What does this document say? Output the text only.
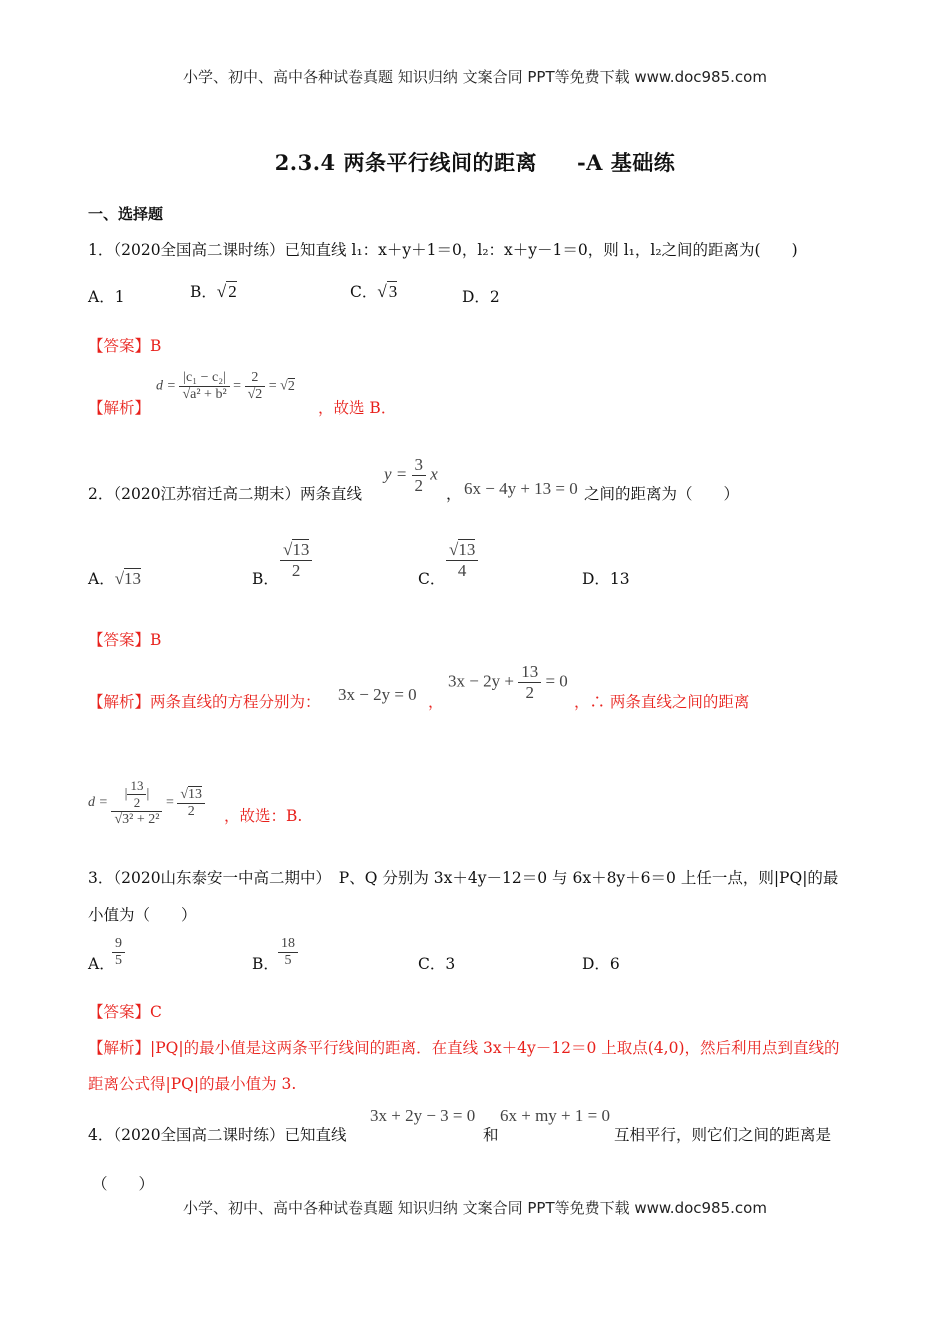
小学、初中、高中各种试卷真题 知识归纳 文案合同 PPT等免费下载 www.doc985.com
2.3.4 两条平行线间的距离 -A 基础练
一、选择题
1．（2020全国高二课时练）已知直线 l₁：x＋y＋1＝0，l₂：x＋y－1＝0，则 l₁，l₂之间的距离为(　　)
A．1	B．√ 2	C．√ 3	D．2
【答案】B
【解析】
$d = \frac{\text{|c₁ − c₂|}}{\text{√a² + b²}} = \frac{2}{√2} = √2$
，故选 B．
2．（2020江苏宿迁高二期末）两条直线
$y = \frac{3}{2}$ x
， 6x − 4y + 13 = 0 之间的距离为（　　）
A．√13	B． $\frac{√13}{2}$	C． $\frac{√13}{4}$	D．13
【答案】B
【解析】两条直线的方程分别为： 3x − 2y = 0 ，
$3x - 2y + \frac{13}{2} = 0$
，∴ 两条直线之间的距离
$d = \frac{| \frac{13}{2} |}{\text{√3² + 2²}} = \frac{√13}{2}$ ，故选：B.
3．（2020山东泰安一中高二期中）　P、Q 分别为 3x＋4y－12＝0 与 6x＋8y＋6＝0 上任一点，则|PQ|的最
小值为（　　）
A．
$\frac{9}{5}$	B． $\frac{18}{5}$	C．3	D．6
【答案】C
【解析】|PQ|的最小值是这两条平行线间的距离．在直线 3x＋4y－12＝0 上取点(4,0)，然后利用点到直线的
距离公式得|PQ|的最小值为 3.
4．（2020全国高二课时练）已知直线
3x + 2y − 3 = 0
和
6x + my + 1 = 0
互相平行，则它们之间的距离是
（　　）
小学、初中、高中各种试卷真题 知识归纳 文案合同 PPT等免费下载 www.doc985.com
